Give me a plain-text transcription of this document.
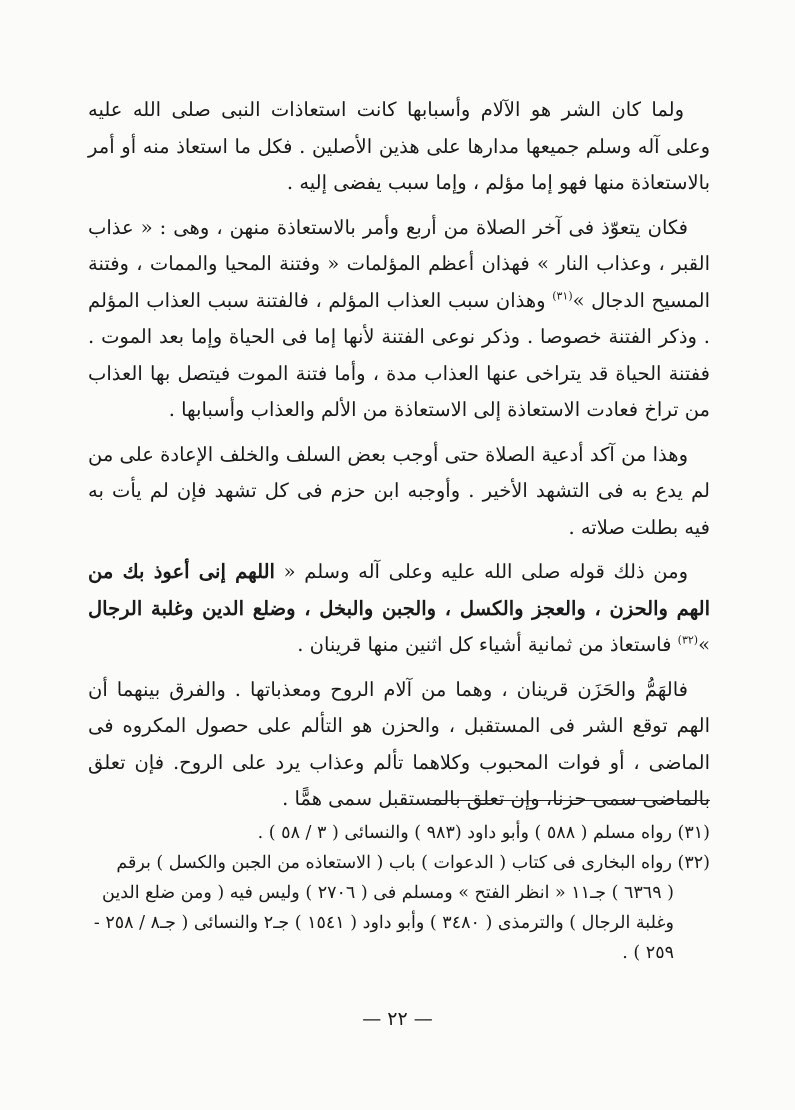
ولما كان الشر هو الآلام وأسبابها كانت استعاذات النبى صلى الله عليه وعلى آله وسلم جميعها مدارها على هذين الأصلين . فكل ما استعاذ منه أو أمر بالاستعاذة منها فهو إما مؤلم ، وإما سبب يفضى إليه .

فكان يتعوّذ فى آخر الصلاة من أربع وأمر بالاستعاذة منهن ، وهى : « عذاب القبر ، وعذاب النار » فهذان أعظم المؤلمات « وفتنة المحيا والممات ، وفتنة المسيح الدجال »$^{(٣١)}$ وهذان سبب العذاب المؤلم ، فالفتنة سبب العذاب المؤلم . وذكر الفتنة خصوصا . وذكر نوعى الفتنة لأنها إما فى الحياة وإما بعد الموت . ففتنة الحياة قد يتراخى عنها العذاب مدة ، وأما فتنة الموت فيتصل بها العذاب من تراخ فعادت الاستعاذة إلى الاستعاذة من الألم والعذاب وأسبابها .

وهذا من آكد أدعية الصلاة حتى أوجب بعض السلف والخلف الإعادة على من لم يدع به فى التشهد الأخير . وأوجبه ابن حزم فى كل تشهد فإن لم يأت به فيه بطلت صلاته .

ومن ذلك قوله صلى الله عليه وعلى آله وسلم « اللهم إنى أعوذ بك من الهم والحزن ، والعجز والكسل ، والجبن والبخل ، وضلع الدين وغلبة الرجال »$^{(٣٢)}$ فاستعاذ من ثمانية أشياء كل اثنين منها قرينان .

فالهَمُّ والحَزَن قرينان ، وهما من آلام الروح ومعذباتها . والفرق بينهما أن الهم توقع الشر فى المستقبل ، والحزن هو التألم على حصول المكروه فى الماضى ، أو فوات المحبوب وكلاهما تألم وعذاب يرد على الروح. فإن تعلق بالماضى سمى حزنا، وإن تعلق بالمستقبل سمى همًّا .

(٣١) رواه مسلم ( ٥٨٨ ) وأبو داود (٩٨٣ ) والنسائى ( ٣ / ٥٨ ) .

(٣٢) رواه البخارى فى كتاب ( الدعوات ) باب ( الاستعاذه من الجبن والكسل ) برقم
( ٦٣٦٩ ) جـ١١ « انظر الفتح » ومسلم فى ( ٢٧٠٦ ) وليس فيه ( ومن ضلع الدين وغلبة الرجال ) والترمذى ( ٣٤٨٠ ) وأبو داود ( ١٥٤١ ) جـ٢ والنسائى ( جـ٨ / ٢٥٨ - ٢٥٩ ) .

— ٢٢ —
